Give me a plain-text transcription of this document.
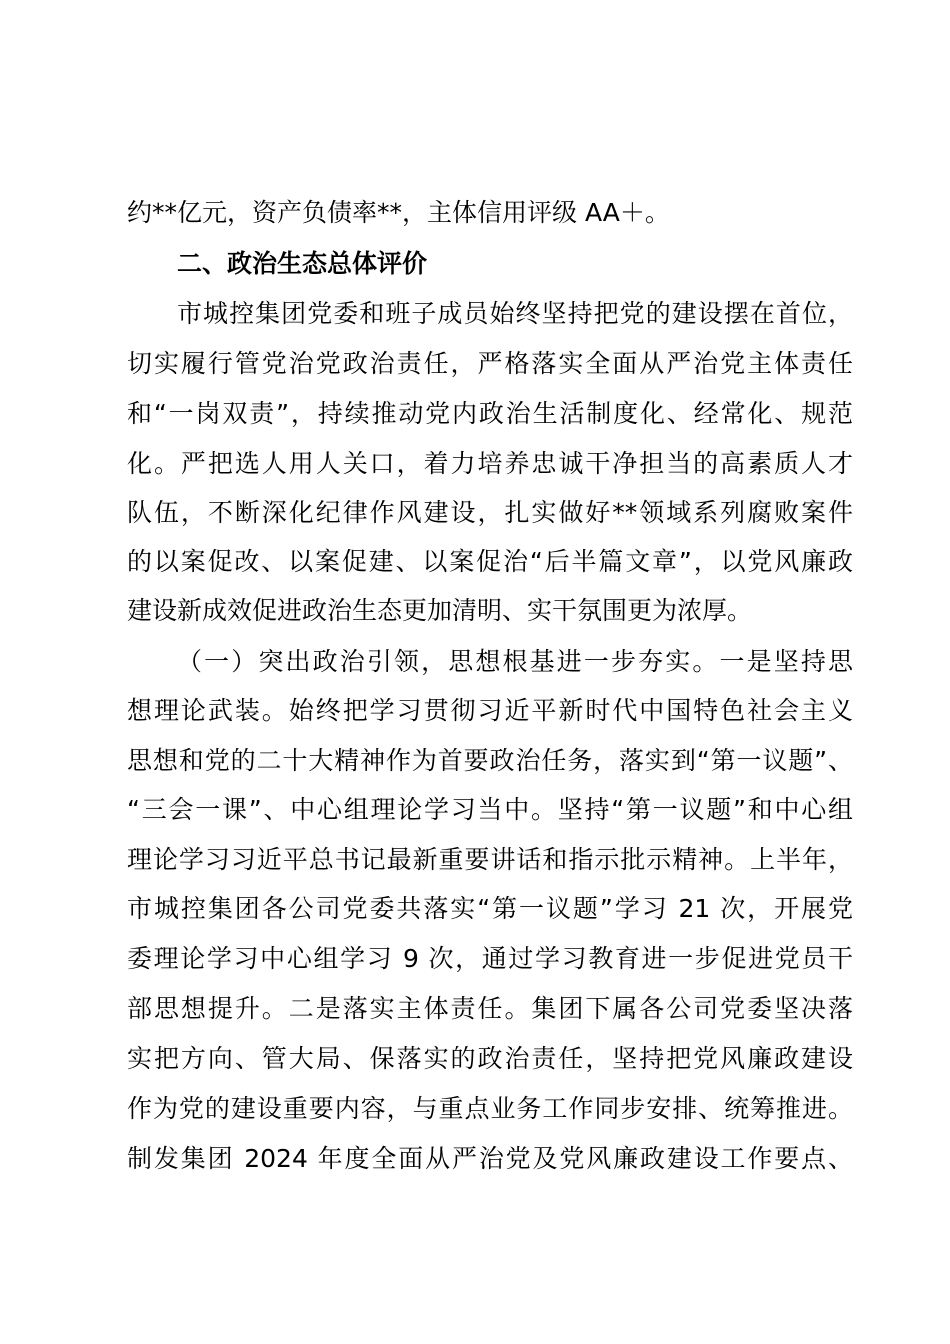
约**亿元，资产负债率**，主体信用评级 AA＋。
二、政治生态总体评价
市城控集团党委和班子成员始终坚持把党的建设摆在首位，
切实履行管党治党政治责任，严格落实全面从严治党主体责任
和“一岗双责”，持续推动党内政治生活制度化、经常化、规范
化。严把选人用人关口，着力培养忠诚干净担当的高素质人才
队伍，不断深化纪律作风建设，扎实做好**领域系列腐败案件
的以案促改、以案促建、以案促治“后半篇文章”，以党风廉政
建设新成效促进政治生态更加清明、实干氛围更为浓厚。
（一）突出政治引领，思想根基进一步夯实。一是坚持思
想理论武装。始终把学习贯彻习近平新时代中国特色社会主义
思想和党的二十大精神作为首要政治任务，落实到“第一议题”、
“三会一课”、中心组理论学习当中。坚持“第一议题”和中心组
理论学习习近平总书记最新重要讲话和指示批示精神。上半年，
市城控集团各公司党委共落实“第一议题”学习 21 次，开展党
委理论学习中心组学习 9 次，通过学习教育进一步促进党员干
部思想提升。二是落实主体责任。集团下属各公司党委坚决落
实把方向、管大局、保落实的政治责任，坚持把党风廉政建设
作为党的建设重要内容，与重点业务工作同步安排、统筹推进。
制发集团 2024 年度全面从严治党及党风廉政建设工作要点、
